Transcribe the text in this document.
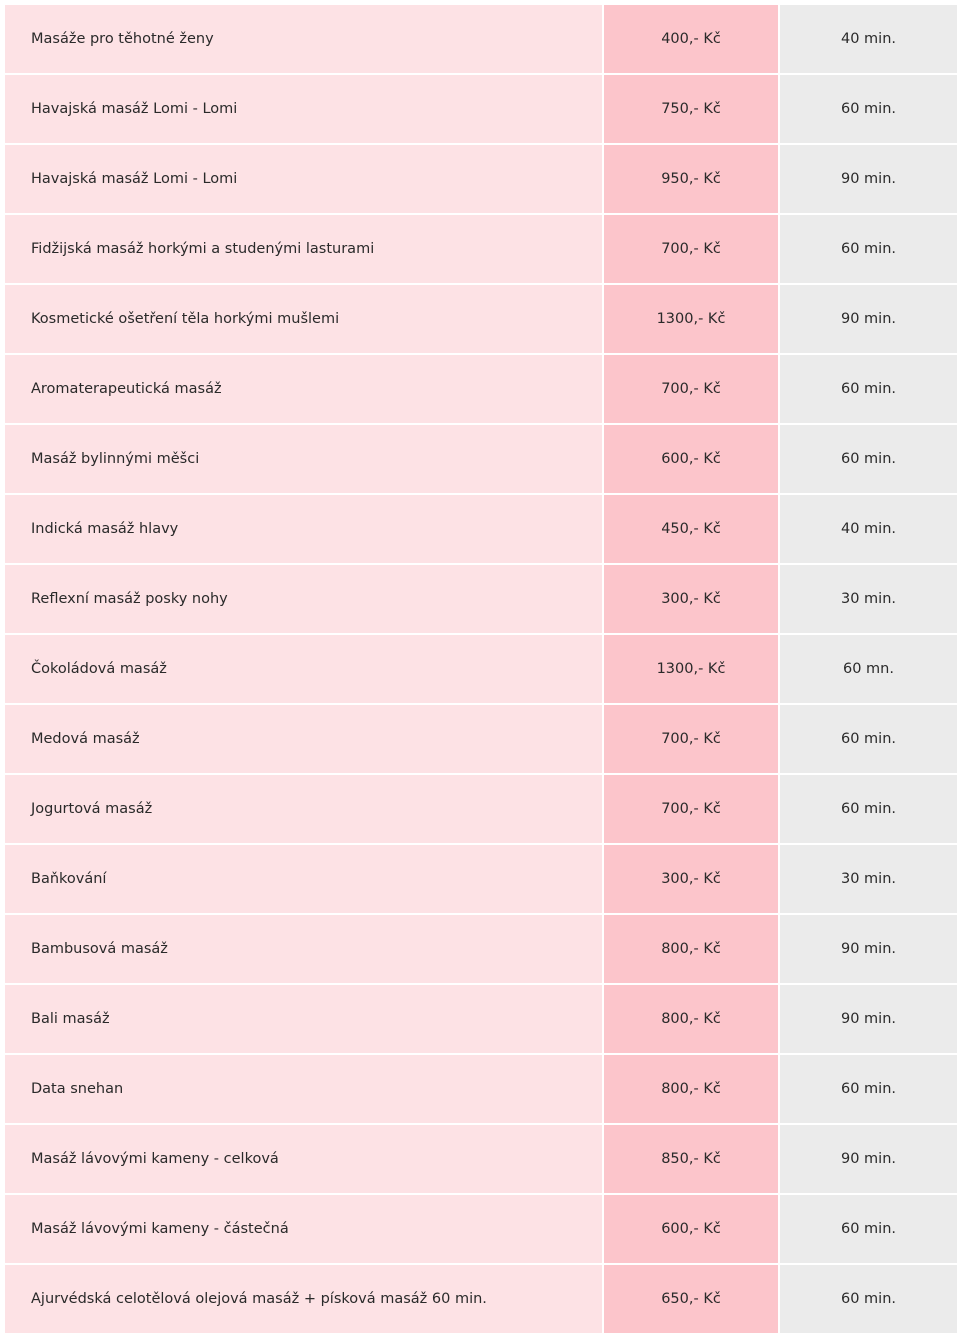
Masáže pro těhotné ženy	400,- Kč	40 min.
Havajská masáž Lomi - Lomi	750,- Kč	60 min.
Havajská masáž Lomi - Lomi	950,- Kč	90 min.
Fidžijská masáž horkými a studenými lasturami	700,- Kč	60 min.
Kosmetické ošetření těla horkými mušlemi	1300,- Kč	90 min.
Aromaterapeutická masáž	700,- Kč	60 min.
Masáž bylinnými měšci	600,- Kč	60 min.
Indická masáž hlavy	450,- Kč	40 min.
Reflexní masáž posky nohy	300,- Kč	30 min.
Čokoládová masáž	1300,- Kč	60 mn.
Medová masáž	700,- Kč	60 min.
Jogurtová masáž	700,- Kč	60 min.
Baňkování	300,- Kč	30 min.
Bambusová masáž	800,- Kč	90 min.
Bali masáž	800,- Kč	90 min.
Data snehan	800,- Kč	60 min.
Masáž lávovými kameny - celková	850,- Kč	90 min.
Masáž lávovými kameny - částečná	600,- Kč	60 min.
Ajurvédská celotělová olejová masáž + písková masáž 60 min.	650,- Kč	60 min.
